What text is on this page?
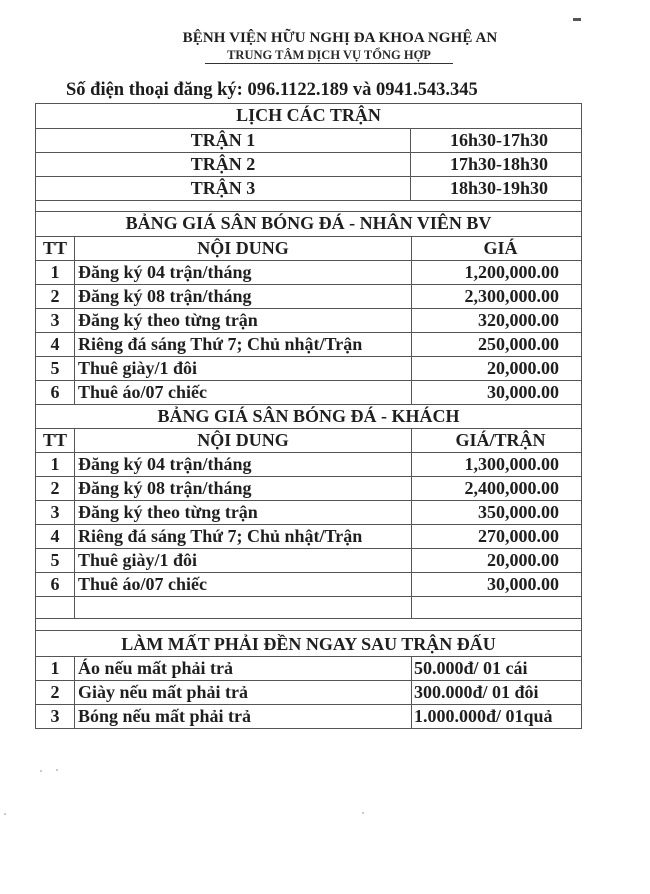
BỆNH VIỆN HỮU NGHỊ ĐA KHOA NGHỆ AN
TRUNG TÂM DỊCH VỤ TỔNG HỢP
Số điện thoại đăng ký: 096.1122.189 và 0941.543.345
LỊCH CÁC TRẬN
TRẬN 1	16h30-17h30
TRẬN 2	17h30-18h30
TRẬN 3	18h30-19h30
BẢNG GIÁ SÂN BÓNG ĐÁ - NHÂN VIÊN BV
TT	NỘI DUNG	GIÁ
1	Đăng ký 04 trận/tháng	1,200,000.00
2	Đăng ký 08 trận/tháng	2,300,000.00
3	Đăng ký theo từng trận	320,000.00
4	Riêng đá sáng Thứ 7; Chủ nhật/Trận	250,000.00
5	Thuê giày/1 đôi	20,000.00
6	Thuê áo/07 chiếc	30,000.00
BẢNG GIÁ SÂN BÓNG ĐÁ - KHÁCH
TT	NỘI DUNG	GIÁ/TRẬN
1	Đăng ký 04 trận/tháng	1,300,000.00
2	Đăng ký 08 trận/tháng	2,400,000.00
3	Đăng ký theo từng trận	350,000.00
4	Riêng đá sáng Thứ 7; Chủ nhật/Trận	270,000.00
5	Thuê giày/1 đôi	20,000.00
6	Thuê áo/07 chiếc	30,000.00
LÀM MẤT PHẢI ĐỀN NGAY SAU TRẬN ĐẤU
1	Áo nếu mất phải trả	50.000đ/ 01 cái
2	Giày nếu mất phải trả	300.000đ/ 01 đôi
3	Bóng nếu mất phải trả	1.000.000đ/ 01quả
